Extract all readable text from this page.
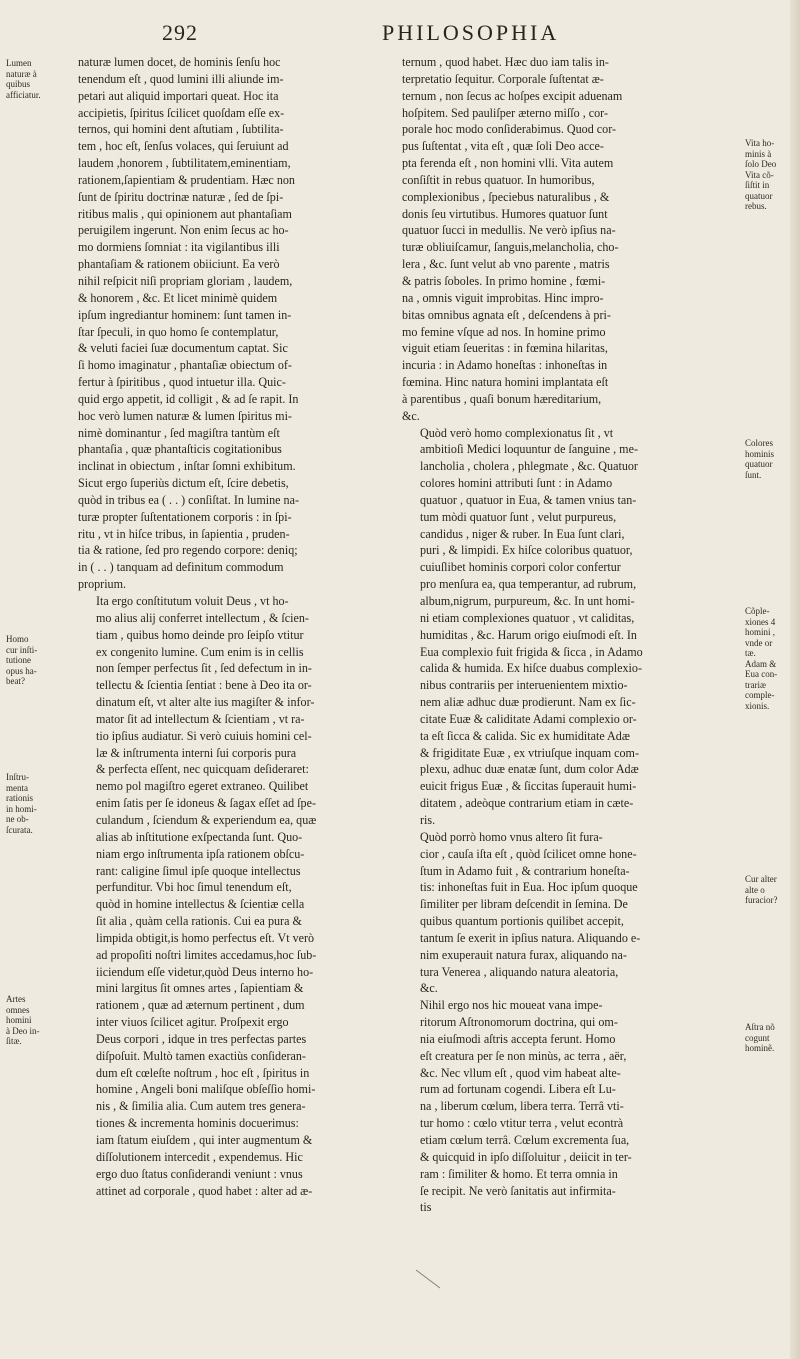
292	PHILOSOPHIA
naturæ lumen docet, de hominis ſenſu hoc
tenendum eſt , quod lumini illi aliunde im-
petari aut aliquid importari queat. Hoc ita
accipietis, ſpiritus ſcilicet quoſdam eſſe ex-
ternos, qui homini dent aſtutiam , ſubtilita-
tem , hoc eſt, ſenſus volaces, qui ſeruiunt ad
laudem ,honorem , ſubtilitatem,eminentiam,
rationem,ſapientiam & prudentiam. Hæc non
ſunt de ſpiritu doctrinæ naturæ , ſed de ſpi-
ritibus malis , qui opinionem aut phantaſiam
peruigilem ingerunt. Non enim ſecus ac ho-
mo dormiens ſomniat : ita vigilantibus illi
phantaſiam & rationem obiiciunt. Ea verò
nihil reſpicit niſi propriam gloriam , laudem,
& honorem , &c. Et licet minimè quidem
ipſum ingrediantur hominem: ſunt tamen in-
ſtar ſpeculi, in quo homo ſe contemplatur,
& veluti faciei ſuæ documentum captat. Sic
ſi homo imaginatur , phantaſiæ obiectum of-
fertur à ſpiritibus , quod intuetur illa. Quic-
quid ergo appetit, id colligit , & ad ſe rapit. In
hoc verò lumen naturæ & lumen ſpiritus mi-
nimè dominantur , ſed magiſtra tantùm eſt
phantaſia , quæ phantaſticis cogitationibus
inclinat in obiectum , inſtar ſomni exhibitum.
Sicut ergo ſuperiùs dictum eſt, ſcire debetis,
quòd in tribus ea ( . . ) conſiſtat. In lumine na-
turæ propter ſuſtentationem corporis : in ſpi-
ritu , vt in hiſce tribus, in ſapientia , pruden-
tia & ratione, ſed pro regendo corpore: deniq;
in ( . . ) tanquam ad definitum commodum
proprium.
Ita ergo conſtitutum voluit Deus , vt ho-
mo alius alij conferret intellectum , & ſcien-
tiam , quibus homo deinde pro ſeipſo vtitur
ex congenito lumine. Cum enim is in cellis
non ſemper perfectus ſit , ſed defectum in in-
tellectu & ſcientia ſentiat : bene à Deo ita or-
dinatum eſt, vt alter alte ius magiſter & infor-
mator ſit ad intellectum & ſcientiam , vt ra-
tio ipſius audiatur. Si verò cuiuis homini cel-
læ & inſtrumenta interni ſui corporis pura
& perfecta eſſent, nec quicquam deſideraret:
nemo pol magiſtro egeret extraneo. Quilibet
enim ſatis per ſe idoneus & ſagax eſſet ad ſpe-
culandum , ſciendum & experiendum ea, quæ
alias ab inſtitutione exſpectanda ſunt. Quo-
niam ergo inſtrumenta ipſa rationem obſcu-
rant: caligine ſimul ipſe quoque intellectus
perfunditur. Vbi hoc ſimul tenendum eſt,
quòd in homine intellectus & ſcientiæ cella
ſit alia , quàm cella rationis. Cui ea pura &
limpida obtigit,is homo perfectus eſt. Vt verò
ad propoſiti noſtri limites accedamus,hoc ſub-
iiciendum eſſe videtur,quòd Deus interno ho-
mini largitus ſit omnes artes , ſapientiam &
rationem , quæ ad æternum pertinent , dum
inter viuos ſcilicet agitur. Proſpexit ergo
Deus corpori , idque in tres perfectas partes
diſpoſuit. Multò tamen exactiùs conſideran-
dum eſt cœleſte noſtrum , hoc eſt , ſpiritus in
homine , Angeli boni maliſque obſeſſio homi-
nis , & ſimilia alia. Cum autem tres genera-
tiones & incrementa hominis docuerimus:
iam ſtatum eiuſdem , qui inter augmentum &
diſſolutionem intercedit , expendemus. Hic
ergo duo ſtatus conſiderandi veniunt : vnus
attinet ad corporale , quod habet : alter ad æ-
ternum , quod habet. Hæc duo iam talis in-
terpretatio ſequitur. Corporale ſuſtentat æ-
ternum , non ſecus ac hoſpes excipit aduenam
hoſpitem. Sed pauliſper æterno miſſo , cor-
porale hoc modo conſiderabimus. Quod cor-
pus ſuſtentat , vita eſt , quæ ſoli Deo acce-
pta ferenda eſt , non homini vlli. Vita autem
conſiſtit in rebus quatuor. In humoribus,
complexionibus , ſpeciebus naturalibus , &
donis ſeu virtutibus. Humores quatuor ſunt
quatuor ſucci in medullis. Ne verò ipſius na-
turæ obliuiſcamur, ſanguis,melancholia, cho-
lera , &c. ſunt velut ab vno parente , matris
& patris ſoboles. In primo homine , fœmi-
na , omnis viguit improbitas. Hinc impro-
bitas omnibus agnata eſt , deſcendens à pri-
mo femine vſque ad nos. In homine primo
viguit etiam ſeueritas : in fœmina hilaritas,
incuria : in Adamo honeſtas : inhoneſtas in
fœmina. Hinc natura homini implantata eſt
à parentibus , quaſi bonum hæreditarium,
&c.
Quòd verò homo complexionatus ſit , vt
ambitioſi Medici loquuntur de ſanguine , me-
lancholia , cholera , phlegmate , &c. Quatuor
colores homini attributi ſunt : in Adamo
quatuor , quatuor in Eua, & tamen vnius tan-
tum mòdi quatuor ſunt , velut purpureus,
candidus , niger & ruber. In Eua ſunt clari,
puri , & limpidi. Ex hiſce coloribus quatuor,
cuiuſlibet hominis corpori color confertur
pro menſura ea, qua temperantur, ad rubrum,
album,nigrum, purpureum, &c. In unt homi-
ni etiam complexiones quatuor , vt caliditas,
humiditas , &c. Harum origo eiuſmodi eſt. In
Eua complexio fuit frigida & ſicca , in Adamo
calida & humida. Ex hiſce duabus complexio-
nibus contrariis per interuenientem mixtio-
nem aliæ adhuc duæ prodierunt. Nam ex ſic-
citate Euæ & caliditate Adami complexio or-
ta eſt ſicca & calida. Sic ex humiditate Adæ
& frigiditate Euæ , ex vtriuſque inquam com-
plexu, adhuc duæ enatæ ſunt, dum color Adæ
euicit frigus Euæ , & ſiccitas ſuperauit humi-
ditatem , adeòque contrarium etiam in cæte-
ris.
Quòd porrò homo vnus altero ſit fura-
cior , cauſa iſta eſt , quòd ſcilicet omne hone-
ſtum in Adamo fuit , & contrarium honeſta-
tis: inhoneſtas fuit in Eua. Hoc ipſum quoque
ſimiliter per libram deſcendit in ſemina. De
quibus quantum portionis quilibet accepit,
tantum ſe exerit in ipſius natura. Aliquando e-
nim exuperauit natura furax, aliquando na-
tura Venerea , aliquando natura aleatoria,
&c.
Nihil ergo nos hic moueat vana impe-
ritorum Aſtronomorum doctrina, qui om-
nia eiuſmodi aſtris accepta ferunt. Homo
eſt creatura per ſe non minùs, ac terra , aër,
&c. Nec vllum eſt , quod vim habeat alte-
rum ad fortunam cogendi. Libera eſt Lu-
na , liberum cœlum, libera terra. Terrâ vti-
tur homo : cœlo vtitur terra , velut econtrà
etiam cœlum terrâ. Cœlum excrementa ſua,
& quicquid in ipſo diſſoluitur , deiicit in ter-
ram : ſimiliter & homo. Et terra omnia in
ſe recipit. Ne verò ſanitatis aut infirmita-
tis
Lumen
naturæ à
quibus
afficiatur.
Homo
cur inſti-
tutione
opus ha-
beat?
Inſtru-
menta
rationis
in homi-
ne ob-
ſcurata.
Artes
omnes
homini
à Deo in-
ſitæ.
Vita ho-
minis à
ſolo Deo
Vita cõ-
ſiſtit in
quatuor
rebus.
Colores
hominis
quatuor
ſunt.
Cõple-
xiones 4
homini ,
vnde or
tæ.
Adam &
Eua con-
trariæ
comple-
xionis.
Cur alter
alte o
furacior?
Aſtra nõ
cogunt
hominẽ.
